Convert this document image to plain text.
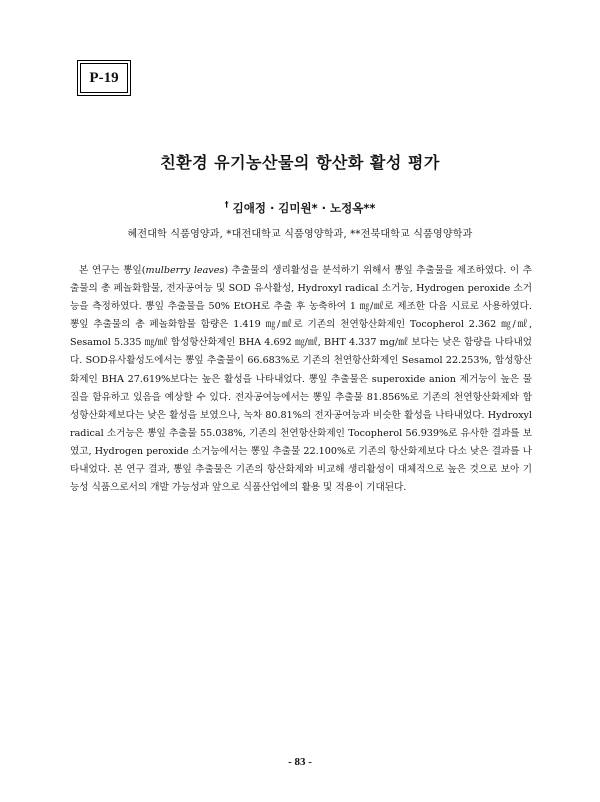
P-19
친환경 유기농산물의 항산화 활성 평가
† 김애정 · 김미원* · 노정옥**
혜전대학 식품영양과, *대전대학교 식품영양학과, **전북대학교 식품영양학과

본 연구는 뽕잎(mulberry leaves) 추출물의 생리활성을 분석하기 위해서 뽕잎 추출물을 제조하였다. 이 추출물의 총 페놀화합물, 전자공여능 및 SOD 유사활성, Hydroxyl radical 소거능, Hydrogen peroxide 소거능을 측정하였다. 뽕잎 추출물을 50% EtOH로 추출 후 농축하여 1 ㎎/㎖로 제조한 다음 시료로 사용하였다. 뽕잎 추출물의 총 페놀화합물 함량은 1.419 ㎎/㎖로 기존의 천연항산화제인 Tocopherol 2.362 ㎎/㎖, Sesamol 5.335 ㎎/㎖ 합성항산화제인 BHA 4.692 ㎎/㎖, BHT 4.337 mg/㎖ 보다는 낮은 함량을 나타내었다. SOD유사활성도에서는 뽕잎 추출물이 66.683%로 기존의 천연항산화제인 Sesamol 22.253%, 합성항산화제인 BHA 27.619%보다는 높은 활성을 나타내었다. 뽕잎 추출물은 superoxide anion 제거능이 높은 물질을 함유하고 있음을 예상할 수 있다. 전자공여능에서는 뽕잎 추출물 81.856%로 기존의 천연항산화제와 합성항산화제보다는 낮은 활성을 보였으나, 녹차 80.81%의 전자공여능과 비슷한 활성을 나타내었다. Hydroxyl radical 소거능은 뽕잎 추출물 55.038%, 기존의 천연항산화제인 Tocopherol 56.939%로 유사한 결과를 보였고, Hydrogen peroxide 소거능에서는 뽕잎 추출물 22.100%로 기존의 항산화제보다 다소 낮은 결과를 나타내었다. 본 연구 결과, 뽕잎 추출물은 기존의 항산화제와 비교해 생리활성이 대체적으로 높은 것으로 보아 기능성 식품으로서의 개발 가능성과 앞으로 식품산업에의 활용 및 적용이 기대된다.

- 83 -
